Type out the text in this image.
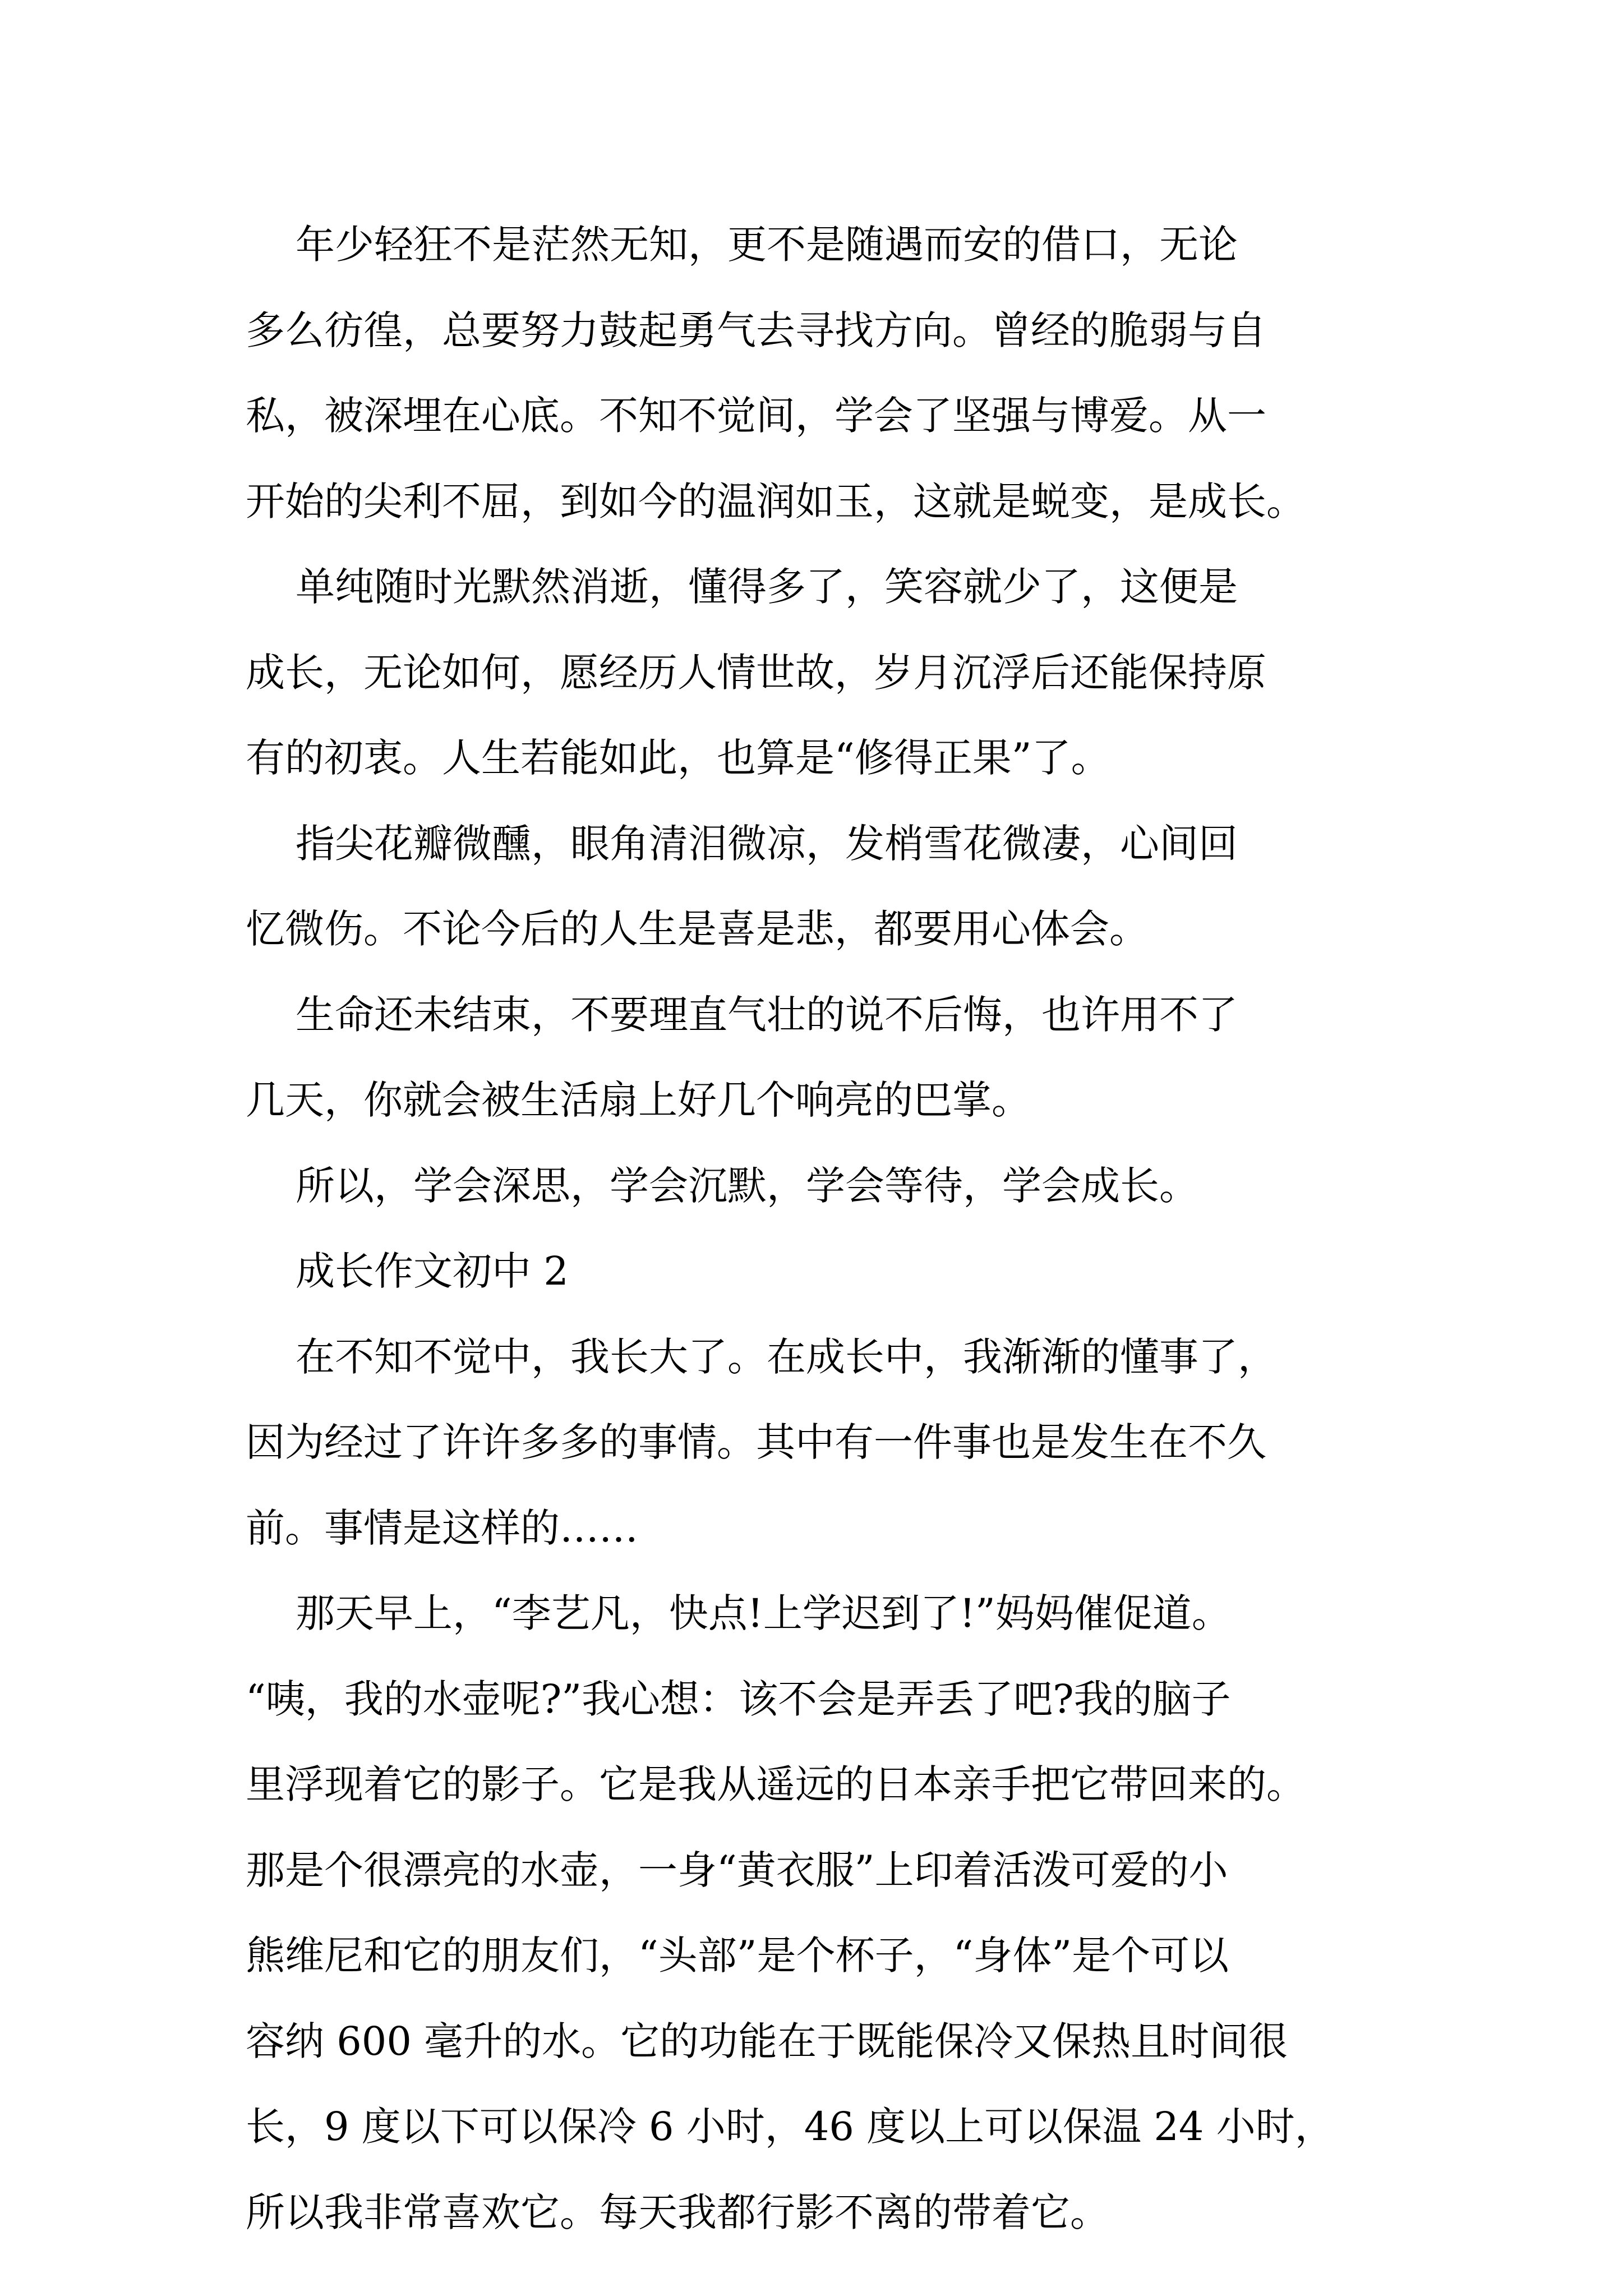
年少轻狂不是茫然无知，更不是随遇而安的借口，无论
多么彷徨，总要努力鼓起勇气去寻找方向。曾经的脆弱与自
私，被深埋在心底。不知不觉间，学会了坚强与博爱。从一
开始的尖利不屈，到如今的温润如玉，这就是蜕变，是成长。
单纯随时光默然消逝，懂得多了，笑容就少了，这便是
成长，无论如何，愿经历人情世故，岁月沉浮后还能保持原
有的初衷。人生若能如此，也算是“修得正果”了。
指尖花瓣微醺，眼角清泪微凉，发梢雪花微凄，心间回
忆微伤。不论今后的人生是喜是悲，都要用心体会。
生命还未结束，不要理直气壮的说不后悔，也许用不了
几天，你就会被生活扇上好几个响亮的巴掌。
所以，学会深思，学会沉默，学会等待，学会成长。
成长作文初中 2
在不知不觉中，我长大了。在成长中，我渐渐的懂事了，
因为经过了许许多多的事情。其中有一件事也是发生在不久
前。事情是这样的……
那天早上，“李艺凡，快点!上学迟到了!”妈妈催促道。
“咦，我的水壶呢?”我心想：该不会是弄丢了吧?我的脑子
里浮现着它的影子。它是我从遥远的日本亲手把它带回来的。
那是个很漂亮的水壶，一身“黄衣服”上印着活泼可爱的小
熊维尼和它的朋友们，“头部”是个杯子，“身体”是个可以
容纳 600 毫升的水。它的功能在于既能保冷又保热且时间很
长，9 度以下可以保冷 6 小时，46 度以上可以保温 24 小时，
所以我非常喜欢它。每天我都行影不离的带着它。
